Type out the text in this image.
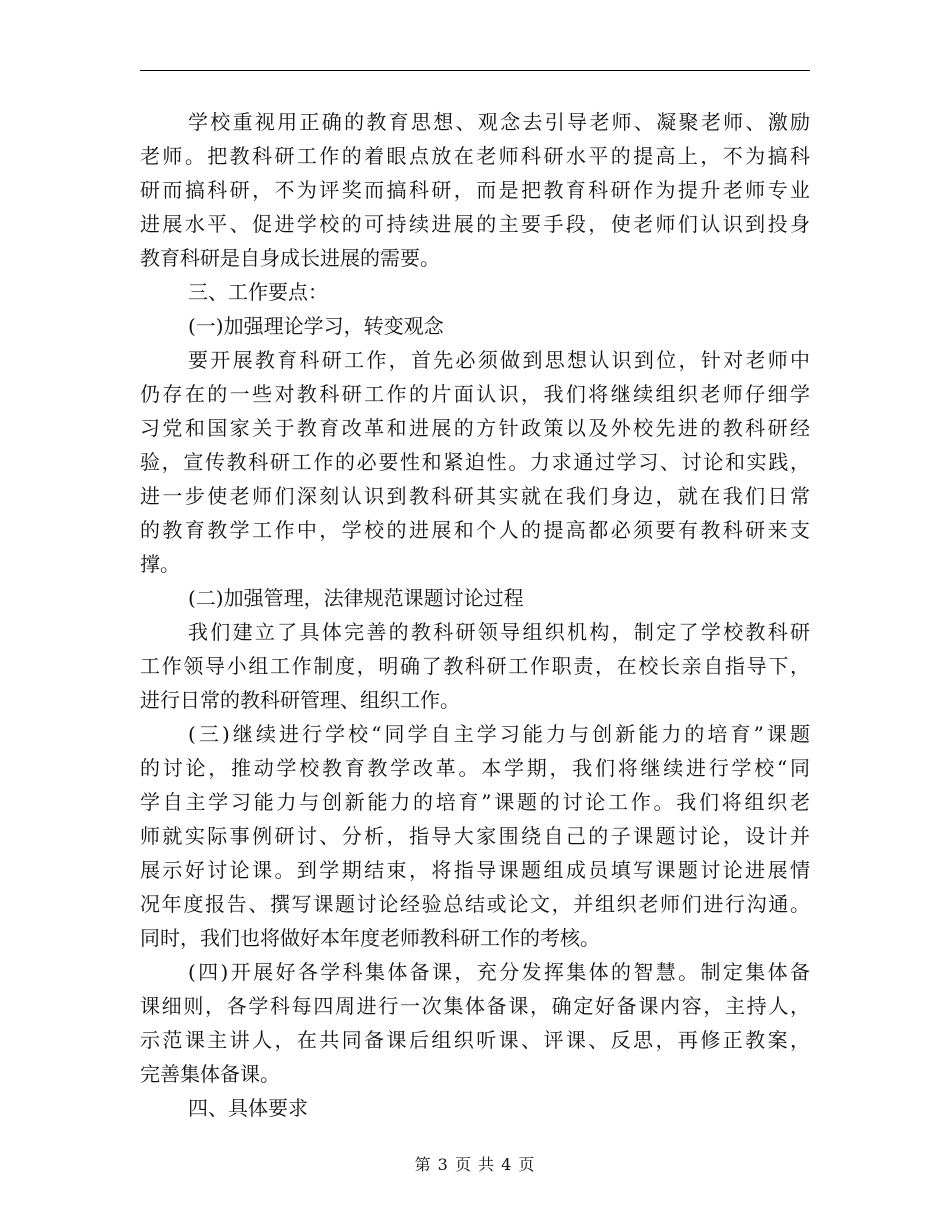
学校重视用正确的教育思想、观念去引导老师、凝聚老师、激励
老师。把教科研工作的着眼点放在老师科研水平的提高上，不为搞科
研而搞科研，不为评奖而搞科研，而是把教育科研作为提升老师专业
进展水平、促进学校的可持续进展的主要手段，使老师们认识到投身
教育科研是自身成长进展的需要。
三、工作要点：
(一)加强理论学习，转变观念
要开展教育科研工作，首先必须做到思想认识到位，针对老师中
仍存在的一些对教科研工作的片面认识，我们将继续组织老师仔细学
习党和国家关于教育改革和进展的方针政策以及外校先进的教科研经
验，宣传教科研工作的必要性和紧迫性。力求通过学习、讨论和实践，
进一步使老师们深刻认识到教科研其实就在我们身边，就在我们日常
的教育教学工作中，学校的进展和个人的提高都必须要有教科研来支
撑。
(二)加强管理，法律规范课题讨论过程
我们建立了具体完善的教科研领导组织机构，制定了学校教科研
工作领导小组工作制度，明确了教科研工作职责，在校长亲自指导下，
进行日常的教科研管理、组织工作。
(三)继续进行学校“同学自主学习能力与创新能力的培育”课题
的讨论，推动学校教育教学改革。本学期，我们将继续进行学校“同
学自主学习能力与创新能力的培育”课题的讨论工作。我们将组织老
师就实际事例研讨、分析，指导大家围绕自己的子课题讨论，设计并
展示好讨论课。到学期结束，将指导课题组成员填写课题讨论进展情
况年度报告、撰写课题讨论经验总结或论文，并组织老师们进行沟通。
同时，我们也将做好本年度老师教科研工作的考核。
(四)开展好各学科集体备课，充分发挥集体的智慧。制定集体备
课细则，各学科每四周进行一次集体备课，确定好备课内容，主持人，
示范课主讲人，在共同备课后组织听课、评课、反思，再修正教案，
完善集体备课。
四、具体要求
第 3 页 共 4 页
